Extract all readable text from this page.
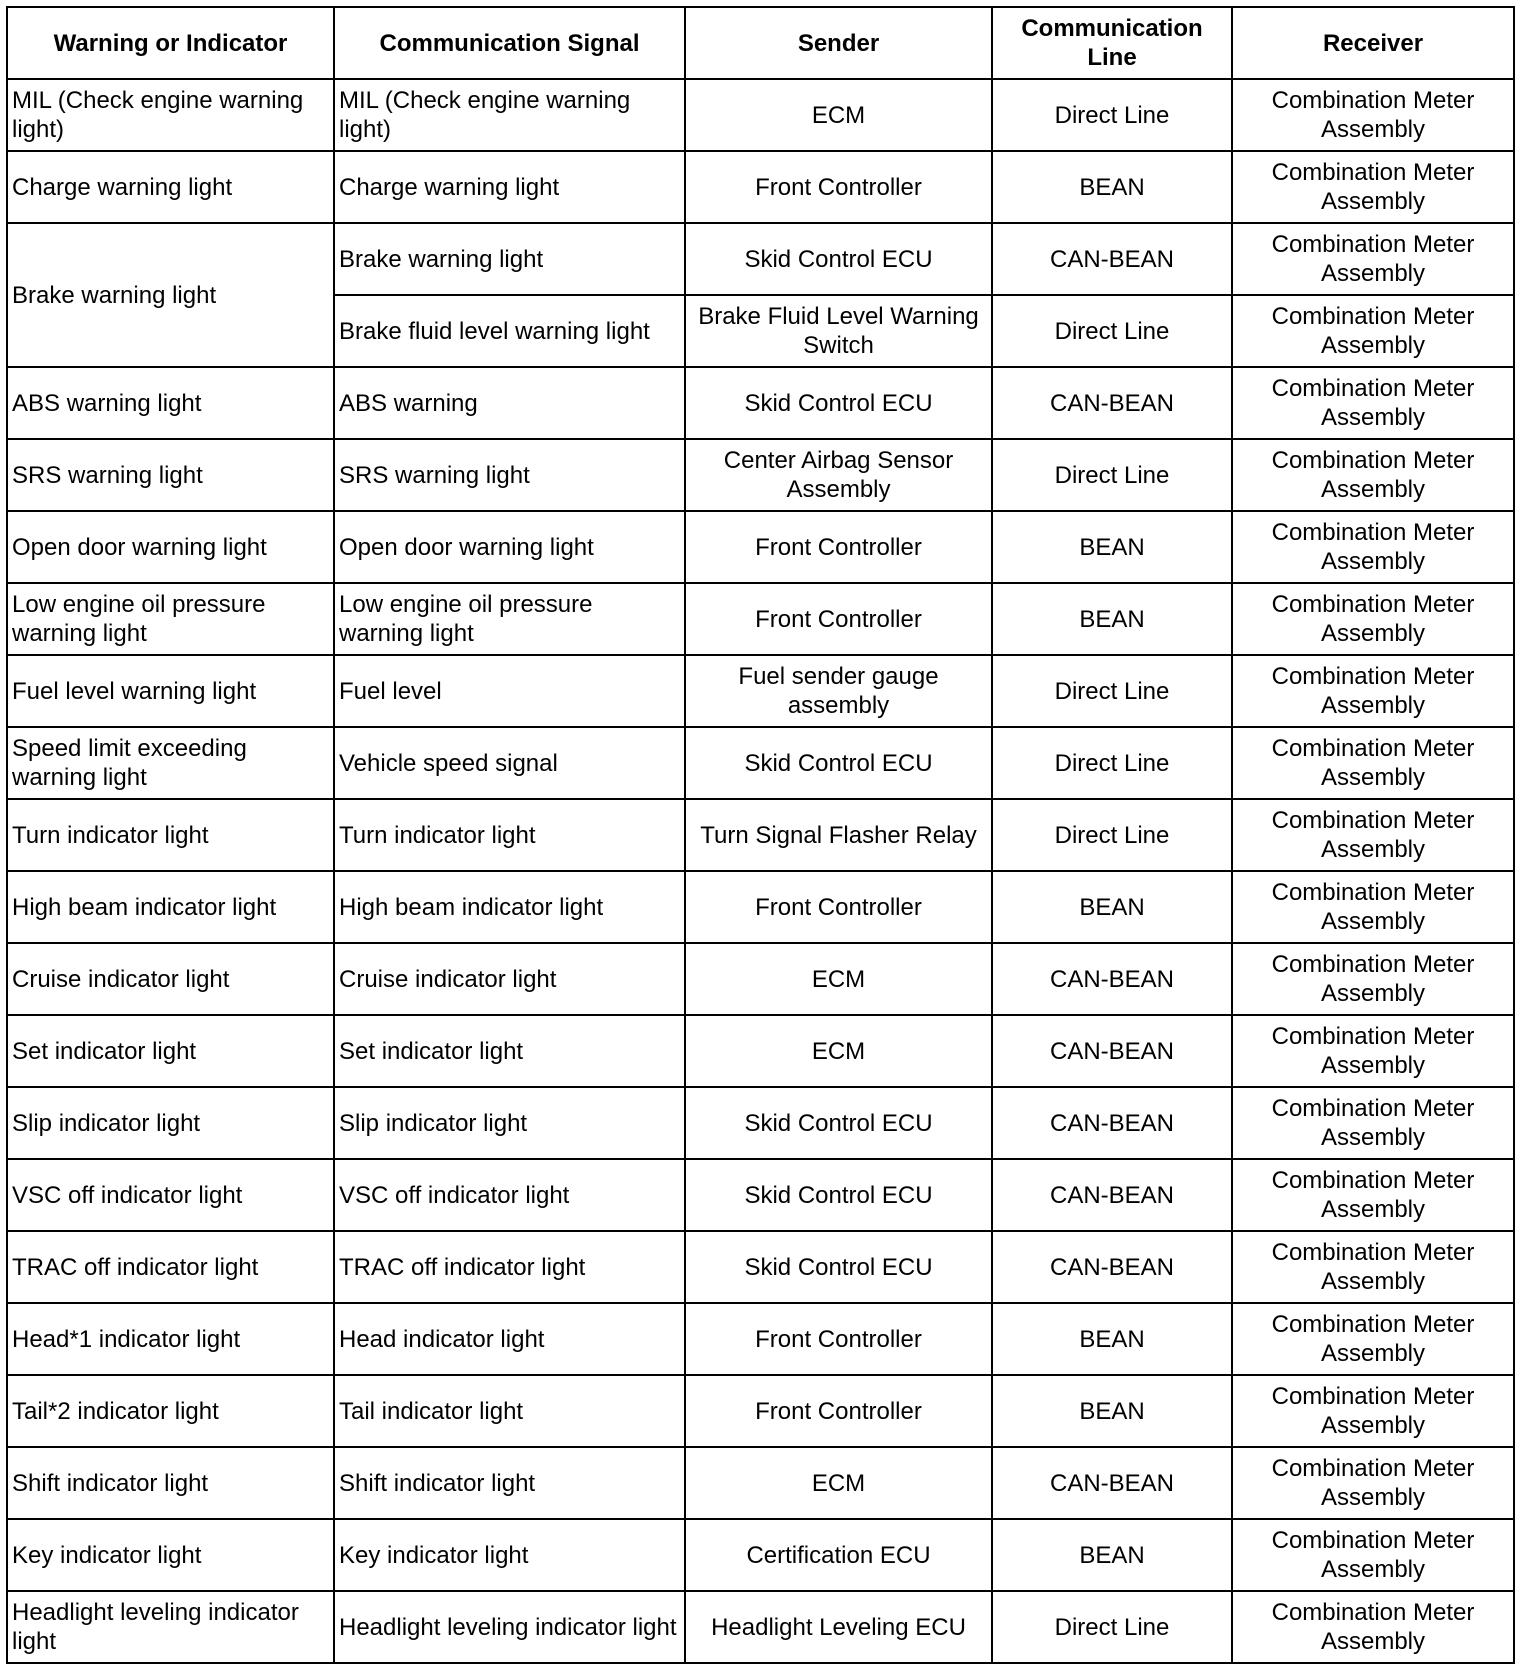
Warning or Indicator	Communication Signal	Sender	Communication Line	Receiver
MIL (Check engine warning light)	MIL (Check engine warning light)	ECM	Direct Line	Combination Meter Assembly
Charge warning light	Charge warning light	Front Controller	BEAN	Combination Meter Assembly
Brake warning light	Brake warning light	Skid Control ECU	CAN-BEAN	Combination Meter Assembly
	Brake fluid level warning light	Brake Fluid Level Warning Switch	Direct Line	Combination Meter Assembly
ABS warning light	ABS warning	Skid Control ECU	CAN-BEAN	Combination Meter Assembly
SRS warning light	SRS warning light	Center Airbag Sensor Assembly	Direct Line	Combination Meter Assembly
Open door warning light	Open door warning light	Front Controller	BEAN	Combination Meter Assembly
Low engine oil pressure warning light	Low engine oil pressure warning light	Front Controller	BEAN	Combination Meter Assembly
Fuel level warning light	Fuel level	Fuel sender gauge assembly	Direct Line	Combination Meter Assembly
Speed limit exceeding warning light	Vehicle speed signal	Skid Control ECU	Direct Line	Combination Meter Assembly
Turn indicator light	Turn indicator light	Turn Signal Flasher Relay	Direct Line	Combination Meter Assembly
High beam indicator light	High beam indicator light	Front Controller	BEAN	Combination Meter Assembly
Cruise indicator light	Cruise indicator light	ECM	CAN-BEAN	Combination Meter Assembly
Set indicator light	Set indicator light	ECM	CAN-BEAN	Combination Meter Assembly
Slip indicator light	Slip indicator light	Skid Control ECU	CAN-BEAN	Combination Meter Assembly
VSC off indicator light	VSC off indicator light	Skid Control ECU	CAN-BEAN	Combination Meter Assembly
TRAC off indicator light	TRAC off indicator light	Skid Control ECU	CAN-BEAN	Combination Meter Assembly
Head*1 indicator light	Head indicator light	Front Controller	BEAN	Combination Meter Assembly
Tail*2 indicator light	Tail indicator light	Front Controller	BEAN	Combination Meter Assembly
Shift indicator light	Shift indicator light	ECM	CAN-BEAN	Combination Meter Assembly
Key indicator light	Key indicator light	Certification ECU	BEAN	Combination Meter Assembly
Headlight leveling indicator light	Headlight leveling indicator light	Headlight Leveling ECU	Direct Line	Combination Meter Assembly
